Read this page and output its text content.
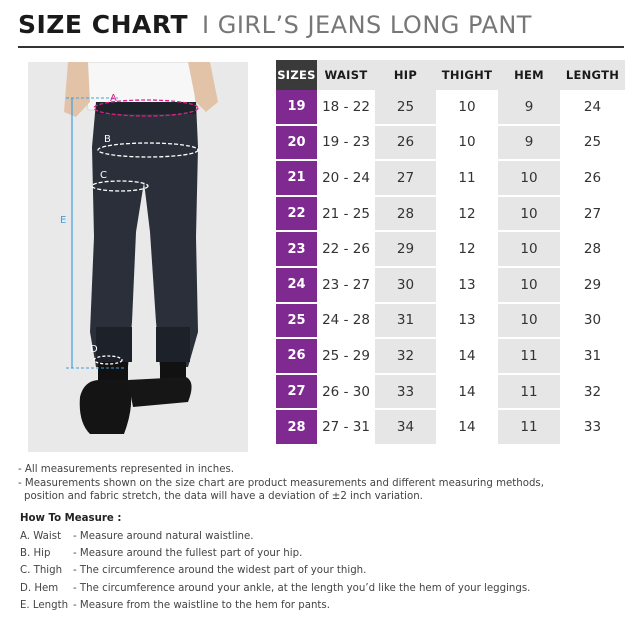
SIZE CHART I GIRL’S JEANS LONG PANT
A
B
C
E
D
SIZES WAIST	HIP	THIGHT	HEM	LENGTH
19	18 - 22	25	10	9	24
20	19 - 23	26	10	9	25
21	20 - 24	27	11	10	26
22	21 - 25	28	12	10	27
23	22 - 26	29	12	10	28
24	23 - 27	30	13	10	29
25	24 - 28	31	13	10	30
26	25 - 29	32	14	11	31
27	26 - 30	33	14	11	32
28	27 - 31	34	14	11	33
- All measurements represented in inches.
- Measurements shown on the size chart are product measurements and different measuring methods,
position and fabric stretch, the data will have a deviation of ±2 inch variation.
How To Measure :
A. Waist	- Measure around natural waistline.
B. Hip	- Measure around the fullest part of your hip.
C. Thigh	- The circumference around the widest part of your thigh.
D. Hem	- The circumference around your ankle, at the length you’d like the hem of your leggings.
E. Length - Measure from the waistline to the hem for pants.
